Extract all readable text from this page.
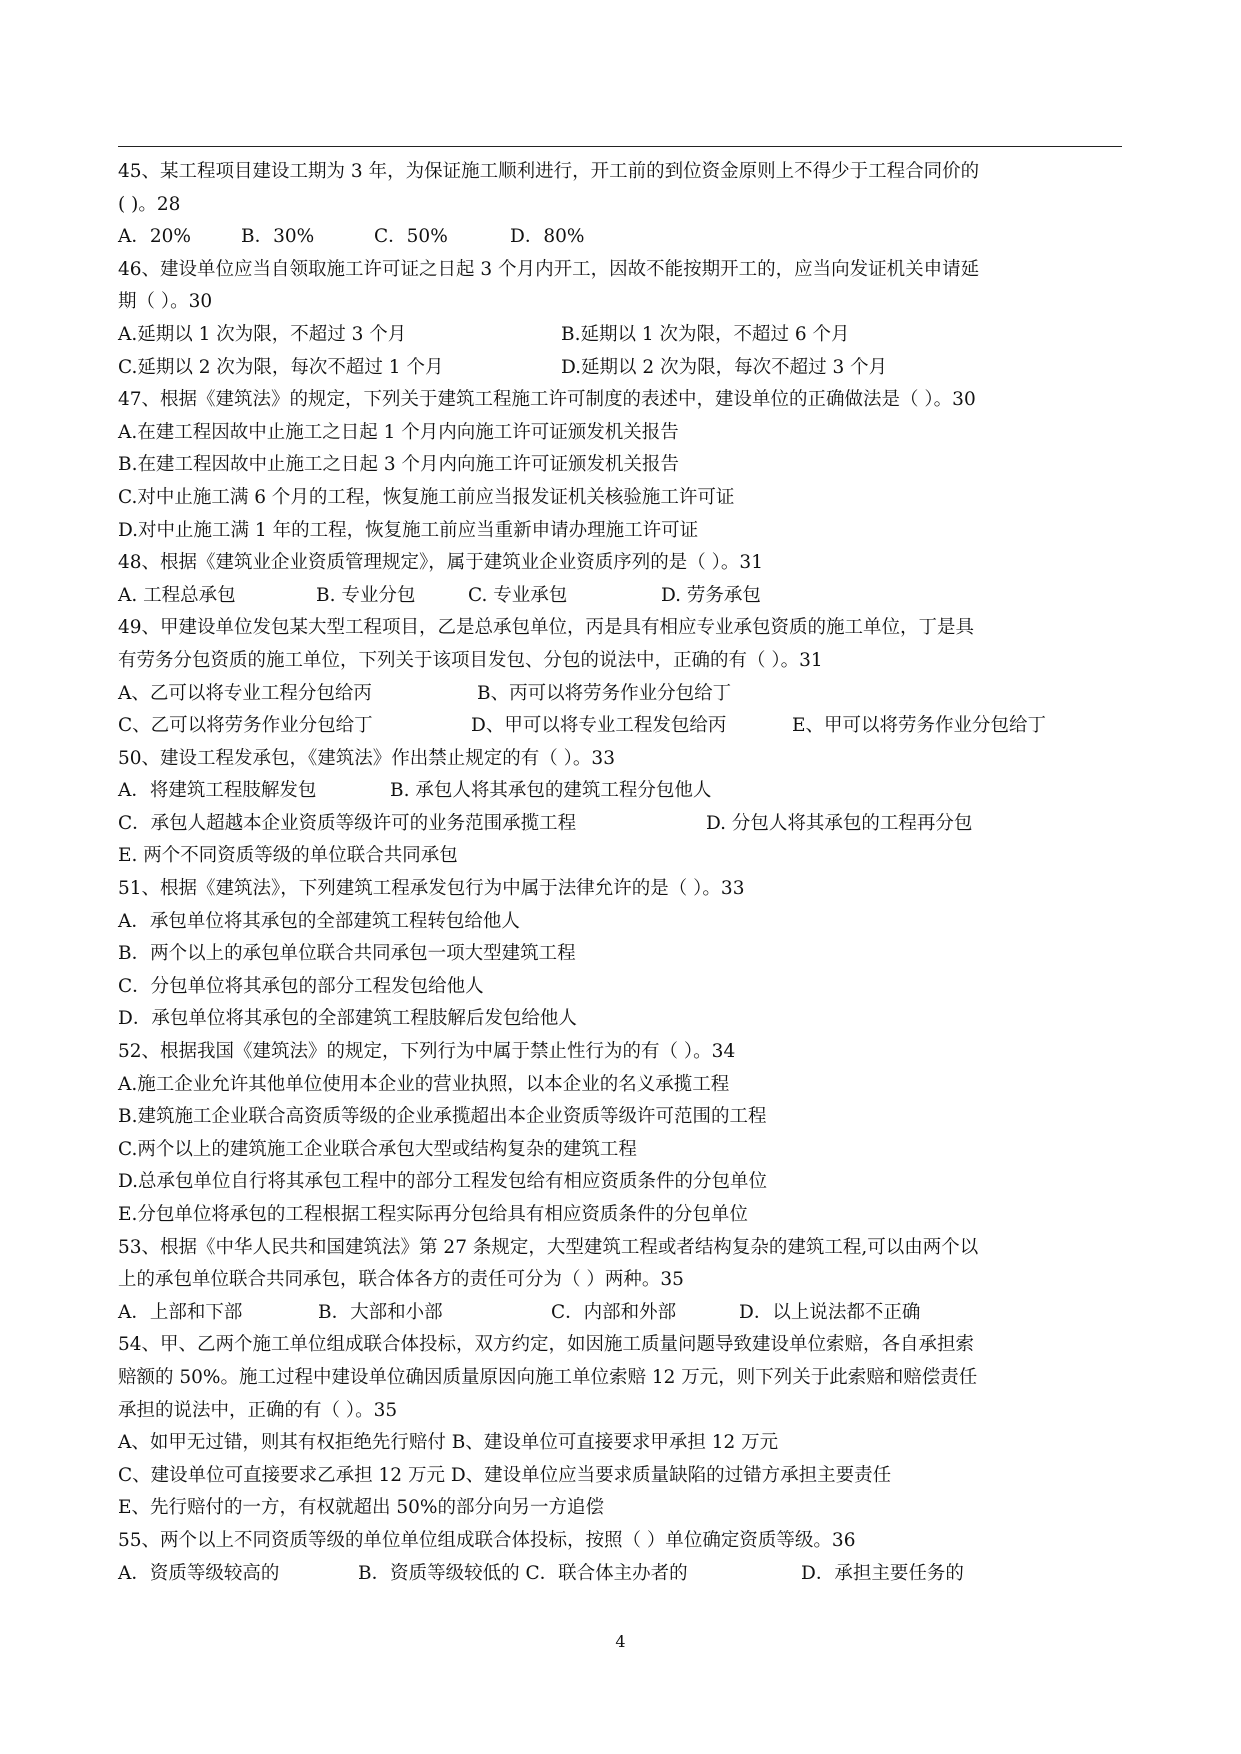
45、某工程项目建设工期为 3 年，为保证施工顺利进行，开工前的到位资金原则上不得少于工程合同价的
( )。28
A．20%	B．30%	C．50%	D．80%
46、建设单位应当自领取施工许可证之日起 3 个月内开工，因故不能按期开工的，应当向发证机关申请延
期（ ）。30
A.延期以 1 次为限，不超过 3 个月	B.延期以 1 次为限，不超过 6 个月
C.延期以 2 次为限，每次不超过 1 个月	D.延期以 2 次为限，每次不超过 3 个月
47、根据《建筑法》的规定，下列关于建筑工程施工许可制度的表述中，建设单位的正确做法是（ ）。30
A.在建工程因故中止施工之日起 1 个月内向施工许可证颁发机关报告
B.在建工程因故中止施工之日起 3 个月内向施工许可证颁发机关报告
C.对中止施工满 6 个月的工程，恢复施工前应当报发证机关核验施工许可证
D.对中止施工满 1 年的工程，恢复施工前应当重新申请办理施工许可证
48、根据《建筑业企业资质管理规定》，属于建筑业企业资质序列的是（ ）。31
A. 工程总承包	B. 专业分包	C. 专业承包	D. 劳务承包
49、甲建设单位发包某大型工程项目，乙是总承包单位，丙是具有相应专业承包资质的施工单位，丁是具
有劳务分包资质的施工单位，下列关于该项目发包、分包的说法中，正确的有（ ）。31
A、乙可以将专业工程分包给丙	B、丙可以将劳务作业分包给丁
C、乙可以将劳务作业分包给丁	D、甲可以将专业工程发包给丙	E、甲可以将劳务作业分包给丁
50、建设工程发承包，《建筑法》作出禁止规定的有（ ）。33
A．将建筑工程肢解发包	B. 承包人将其承包的建筑工程分包他人
C．承包人超越本企业资质等级许可的业务范围承揽工程	D. 分包人将其承包的工程再分包
E. 两个不同资质等级的单位联合共同承包
51、根据《建筑法》，下列建筑工程承发包行为中属于法律允许的是（ ）。33
A．承包单位将其承包的全部建筑工程转包给他人
B．两个以上的承包单位联合共同承包一项大型建筑工程
C．分包单位将其承包的部分工程发包给他人
D．承包单位将其承包的全部建筑工程肢解后发包给他人
52、根据我国《建筑法》的规定，下列行为中属于禁止性行为的有（ ）。34
A.施工企业允许其他单位使用本企业的营业执照，以本企业的名义承揽工程
B.建筑施工企业联合高资质等级的企业承揽超出本企业资质等级许可范围的工程
C.两个以上的建筑施工企业联合承包大型或结构复杂的建筑工程
D.总承包单位自行将其承包工程中的部分工程发包给有相应资质条件的分包单位
E.分包单位将承包的工程根据工程实际再分包给具有相应资质条件的分包单位
53、根据《中华人民共和国建筑法》第 27 条规定，大型建筑工程或者结构复杂的建筑工程,可以由两个以
上的承包单位联合共同承包，联合体各方的责任可分为（ ）两种。35
A．上部和下部	B．大部和小部	C．内部和外部	D．以上说法都不正确
54、甲、乙两个施工单位组成联合体投标，双方约定，如因施工质量问题导致建设单位索赔，各自承担索
赔额的 50%。施工过程中建设单位确因质量原因向施工单位索赔 12 万元，则下列关于此索赔和赔偿责任
承担的说法中，正确的有（ ）。35
A、如甲无过错，则其有权拒绝先行赔付 B、建设单位可直接要求甲承担 12 万元
C、建设单位可直接要求乙承担 12 万元 D、建设单位应当要求质量缺陷的过错方承担主要责任
E、先行赔付的一方，有权就超出 50%的部分向另一方追偿
55、两个以上不同资质等级的单位单位组成联合体投标，按照（ ）单位确定资质等级。36
A．资质等级较高的	B．资质等级较低的 C．联合体主办者的	D．承担主要任务的
4
